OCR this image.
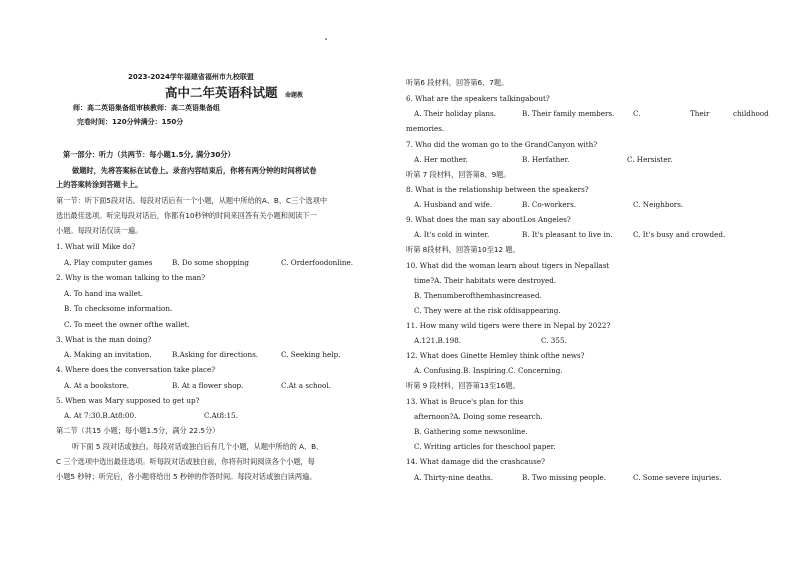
2023-2024学年福建省福州市九校联盟
高中二年英语科试题 命题教
师：高二英语集备组审核教师：高二英语集备组
完卷时间：120分钟满分：150分
第一部分：听力（共两节：每小题1.5分, 满分30分）
做题时，先将答案标在试卷上。录音内容结束后，你将有两分钟的时间将试卷
上的答案转涂到答题卡上。
第一节：听下面5段对话。每段对话后有一个小题，从题中所给的A、B、C三个选项中
选出最佳选项。听完每段对话后，你都有10秒钟的时间来回答有关小题和阅读下一
小题。每段对话仅读一遍。
1. What will Mike do?
A. Play computer games	B. Do some shopping	C. Orderfoodonline.
2. Why is the woman talking to the man?
A. To hand ina wallet.
B. To checksome information.
C. To meet the owner ofthe wallet.
3. What is the man doing?
A. Making an invitation.	B.Asking for directions.	C. Seeking help.
4. Where does the conversation take place?
A. At a bookstore.	B. At a flower shop.	C.At a school.
5. When was Mary supposed to get up?
A. At 7:30.B.At8:00.	C.At8:15.
第二节（共15 小题；每小题1.5分，满分 22.5分）
听下面 5 段对话或独白。每段对话或独白后有几个小题，从题中所给的 A、B、
C 三个选项中选出最佳选项。听每段对话或独白前，你将有时间阅读各个小题，每
小题5 秒钟；听完后，各小题将给出 5 秒钟的作答时间。每段对话或独白读两遍。
听第6 段材料，回答第6、7题。
6. What are the speakers talkingabout?
A. Their holiday plans.	B. Their family members.	C.	Their	childhood
memories.
7. Who did the woman go to the GrandCanyon with?
A. Her mother.	B. Herfather.	C. Hersister.
听第 7 段材料，回答第8、9题。
8. What is the relationship between the speakers?
A. Husband and wife.	B. Co-workers.	C. Neighbors.
9. What does the man say aboutLos Angeles?
A. It's cold in winter.	B. It's pleasant to live in.	C. It's busy and crowded.
听第 8段材料，回答第10至12 题。
10. What did the woman learn about tigers in Nepallast
time?A. Their habitats were destroyed.
B. Thenumberofthemhasincreased.
C. They were at the risk ofdisappearing.
11. How many wild tigers were there in Nepal by 2022?
A.121.B.198.	C. 355.
12. What does Ginette Hemley think ofthe news?
A. Confusing.B. Inspiring.C. Concerning.
听第 9 段材料，回答第13至16题。
13. What is Bruce's plan for this
afternoon?A. Doing some research.
B. Gathering some newsonline.
C. Writing articles for theschool paper.
14. What damage did the crashcause?
A. Thirty-nine deaths.	B. Two missing people.	C. Some severe injuries.
